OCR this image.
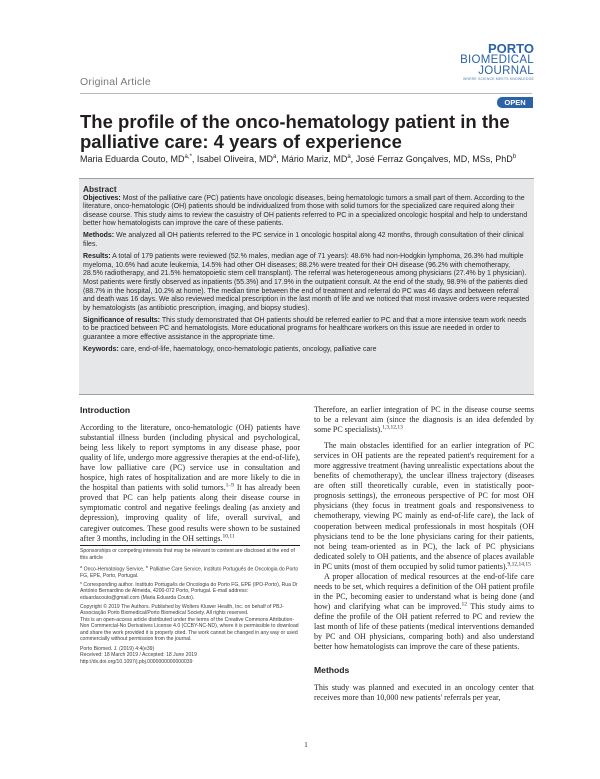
Original Article
PORTO
BIOMEDICAL
JOURNAL
WHERE SCIENCE MEETS KNOWLEDGE
OPEN
The profile of the onco-hematology patient in the palliative care: 4 years of experience
Maria Eduarda Couto, $MD^{a,*}$, Isabel Oliveira, $MD^a$, Mário Mariz, $MD^a$, José Ferraz Gonçalves, MD, MSs, PhD$^b$

Abstract

Objectives: Most of the palliative care (PC) patients have oncologic diseases, being hematologic tumors a small part of them. According to the literature, onco-hematologic (OH) patients should be individualized from those with solid tumors for the specialized care required along their disease course. This study aims to review the casuistry of OH patients referred to PC in a specialized oncologic hospital and help to understand better how hematologists can improve the care of these patients.

Methods: We analyzed all OH patients referred to the PC service in 1 oncologic hospital along 42 months, through consultation of their clinical files.

Results: A total of 179 patients were reviewed (52.% males, median age of 71 years): 48.6% had non-Hodgkin lymphoma, 26.3% had multiple myeloma, 10.6% had acute leukemia, 14.5% had other OH diseases; 88.2% were treated for their OH disease (96.2% with chemotherapy, 28.5% radiotherapy, and 21.5% hematopoietic stem cell transplant). The referral was heterogeneous among physicians (27.4% by 1 physician). Most patients were firstly observed as inpatients (55.3%) and 17.9% in the outpatient consult. At the end of the study, 98.9% of the patients died (88.7% in the hospital, 10.2% at home). The median time between the end of treatment and referral do PC was 46 days and between referral and death was 16 days. We also reviewed medical prescription in the last month of life and we noticed that most invasive orders were requested by hematologists (as antibiotic prescription, imaging, and biopsy studies).

Significance of results: This study demonstrated that OH patients should be referred earlier to PC and that a more intensive team work needs to be practiced between PC and hematologists. More educational programs for healthcare workers on this issue are needed in order to guarantee a more effective assistance in the appropriate time.

Keywords: care, end-of-life, haematology, onco-hematologic patients, oncology, palliative care

Introduction

According to the literature, onco-hematologic (OH) patients have substantial illness burden (including physical and psychological, being less likely to report symptoms in any disease phase, poor quality of life, undergo more aggressive therapies at the end-of-life), have low palliative care (PC) service use in consultation and hospice, high rates of hospitalization and are more likely to die in the hospital than patients with solid tumors.$^{1-9}$ It has already been proved that PC can help patients along their disease course in symptomatic control and negative feelings dealing (as anxiety and depression), improving quality of life, overall survival, and caregiver outcomes. These good results were shown to be sustained after 3 months, including in the OH settings.$^{10,11}$

Sponsorships or competing interests that may be relevant to content are disclosed at the end of this article

$^a$ Onco-Hematology Service, $^b$ Palliative Care Service, Instituto Português de Oncologia do Porto FG, EPE, Porto, Portugal.

* Corresponding author. Instituto Português de Oncologia do Porto FG, EPE (IPO-Porto), Rua Dr António Bernardino de Almeida, 4200-072 Porto, Portugal. E-mail address: eduardacouto@gmail.com (Maria Eduarda Couto).

Copyright © 2019 The Authors. Published by Wolters Kluwer Health, Inc. on behalf of PBJ-Associação Porto Biomedical/Porto Biomedical Society. All rights reserved.

This is an open-access article distributed under the terms of the Creative Commons Attribution-Non Commercial-No Derivatives License 4.0 (CCBY-NC-ND), where it is permissible to download and share the work provided it is properly cited. The work cannot be changed in any way or used commercially without permission from the journal.

Porto Biomed. J. (2019) 4:4(e39)

Received: 18 March 2019 / Accepted: 18 June 2019

http://dx.doi.org/10.1097/j.pbj.0000000000000039

Therefore, an earlier integration of PC in the disease course seems to be a relevant aim (since the diagnosis is an idea defended by some PC specialists).$^{1,3,12,13}$

The main obstacles identified for an earlier integration of PC services in OH patients are the repeated patient's requirement for a more aggressive treatment (having unrealistic expectations about the benefits of chemotherapy), the unclear illness trajectory (diseases are often still theoretically curable, even in statistically poor-prognosis settings), the erroneous perspective of PC for most OH physicians (they focus in treatment goals and responsiveness to chemotherapy, viewing PC mainly as end-of-life care), the lack of cooperation between medical professionals in most hospitals (OH physicians tend to be the lone physicians caring for their patients, not being team-oriented as in PC), the lack of PC physicians dedicated solely to OH patients, and the absence of places available in PC units (most of them occupied by solid tumor patients).$^{9,12,14,15}$

A proper allocation of medical resources at the end-of-life care needs to be set, which requires a definition of the OH patient profile in the PC, becoming easier to understand what is being done (and how) and clarifying what can be improved.$^{12}$ This study aims to define the profile of the OH patient referred to PC and review the last month of life of these patients (medical interventions demanded by PC and OH physicians, comparing both) and also understand better how hematologists can improve the care of these patients.

Methods

This study was planned and executed in an oncology center that receives more than 10,000 new patients' referrals per year,

1
